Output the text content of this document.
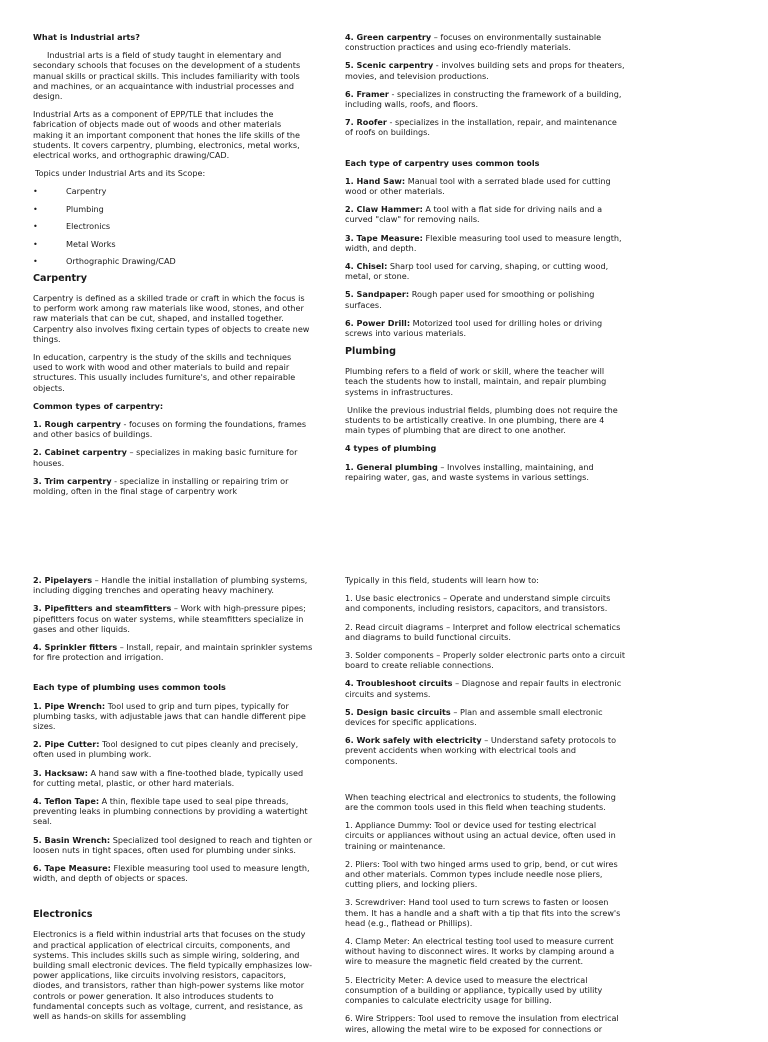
What is Industrial arts?

Industrial arts is a field of study taught in elementary and secondary schools that focuses on the development of a students manual skills or practical skills. This includes familiarity with tools and machines, or an acquaintance with industrial processes and design.

Industrial Arts as a component of EPP/TLE that includes the fabrication of objects made out of woods and other materials making it an important component that hones the life skills of the students. It covers carpentry, plumbing, electronics, metal works, electrical works, and orthographic drawing/CAD.

Topics under Industrial Arts and its Scope:

• Carpentry
• Plumbing
• Electronics
• Metal Works
• Orthographic Drawing/CAD

Carpentry

Carpentry is defined as a skilled trade or craft in which the focus is to perform work among raw materials like wood, stones, and other raw materials that can be cut, shaped, and installed together. Carpentry also involves fixing certain types of objects to create new things.

In education, carpentry is the study of the skills and techniques used to work with wood and other materials to build and repair structures. This usually includes furniture's, and other repairable objects.

Common types of carpentry:

1. Rough carpentry - focuses on forming the foundations, frames and other basics of buildings.

2. Cabinet carpentry – specializes in making basic furniture for houses.

3. Trim carpentry - specialize in installing or repairing trim or molding, often in the final stage of carpentry work

4. Green carpentry – focuses on environmentally sustainable construction practices and using eco-friendly materials.

5. Scenic carpentry - involves building sets and props for theaters, movies, and television productions.

6. Framer - specializes in constructing the framework of a building, including walls, roofs, and floors.

7. Roofer - specializes in the installation, repair, and maintenance of roofs on buildings.

Each type of carpentry uses common tools

1. Hand Saw: Manual tool with a serrated blade used for cutting wood or other materials.

2. Claw Hammer: A tool with a flat side for driving nails and a curved "claw" for removing nails.

3. Tape Measure: Flexible measuring tool used to measure length, width, and depth.

4. Chisel: Sharp tool used for carving, shaping, or cutting wood, metal, or stone.

5. Sandpaper: Rough paper used for smoothing or polishing surfaces.

6. Power Drill: Motorized tool used for drilling holes or driving screws into various materials.

Plumbing

Plumbing refers to a field of work or skill, where the teacher will teach the students how to install, maintain, and repair plumbing systems in infrastructures.

Unlike the previous industrial fields, plumbing does not require the students to be artistically creative. In one plumbing, there are 4 main types of plumbing that are direct to one another.

4 types of plumbing

1. General plumbing – Involves installing, maintaining, and repairing water, gas, and waste systems in various settings.

2. Pipelayers – Handle the initial installation of plumbing systems, including digging trenches and operating heavy machinery.

3. Pipefitters and steamfitters – Work with high-pressure pipes; pipefitters focus on water systems, while steamfitters specialize in gases and other liquids.

4. Sprinkler fitters – Install, repair, and maintain sprinkler systems for fire protection and irrigation.

Each type of plumbing uses common tools

1. Pipe Wrench: Tool used to grip and turn pipes, typically for plumbing tasks, with adjustable jaws that can handle different pipe sizes.

2. Pipe Cutter: Tool designed to cut pipes cleanly and precisely, often used in plumbing work.

3. Hacksaw: A hand saw with a fine-toothed blade, typically used for cutting metal, plastic, or other hard materials.

4. Teflon Tape: A thin, flexible tape used to seal pipe threads, preventing leaks in plumbing connections by providing a watertight seal.

5. Basin Wrench: Specialized tool designed to reach and tighten or loosen nuts in tight spaces, often used for plumbing under sinks.

6. Tape Measure: Flexible measuring tool used to measure length, width, and depth of objects or spaces.

Electronics

Electronics is a field within industrial arts that focuses on the study and practical application of electrical circuits, components, and systems. This includes skills such as simple wiring, soldering, and building small electronic devices. The field typically emphasizes low-power applications, like circuits involving resistors, capacitors, diodes, and transistors, rather than high-power systems like motor controls or power generation. It also introduces students to fundamental concepts such as voltage, current, and resistance, as well as hands-on skills for assembling

Typically in this field, students will learn how to:

1. Use basic electronics – Operate and understand simple circuits and components, including resistors, capacitors, and transistors.

2. Read circuit diagrams – Interpret and follow electrical schematics and diagrams to build functional circuits.

3. Solder components – Properly solder electronic parts onto a circuit board to create reliable connections.

4. Troubleshoot circuits – Diagnose and repair faults in electronic circuits and systems.

5. Design basic circuits – Plan and assemble small electronic devices for specific applications.

6. Work safely with electricity – Understand safety protocols to prevent accidents when working with electrical tools and components.

When teaching electrical and electronics to students, the following are the common tools used in this field when teaching students.

1. Appliance Dummy: Tool or device used for testing electrical circuits or appliances without using an actual device, often used in training or maintenance.

2. Pliers: Tool with two hinged arms used to grip, bend, or cut wires and other materials. Common types include needle nose pliers, cutting pliers, and locking pliers.

3. Screwdriver: Hand tool used to turn screws to fasten or loosen them. It has a handle and a shaft with a tip that fits into the screw's head (e.g., flathead or Phillips).

4. Clamp Meter: An electrical testing tool used to measure current without having to disconnect wires. It works by clamping around a wire to measure the magnetic field created by the current.

5. Electricity Meter: A device used to measure the electrical consumption of a building or appliance, typically used by utility companies to calculate electricity usage for billing.

6. Wire Strippers: Tool used to remove the insulation from electrical wires, allowing the metal wire to be exposed for connections or
